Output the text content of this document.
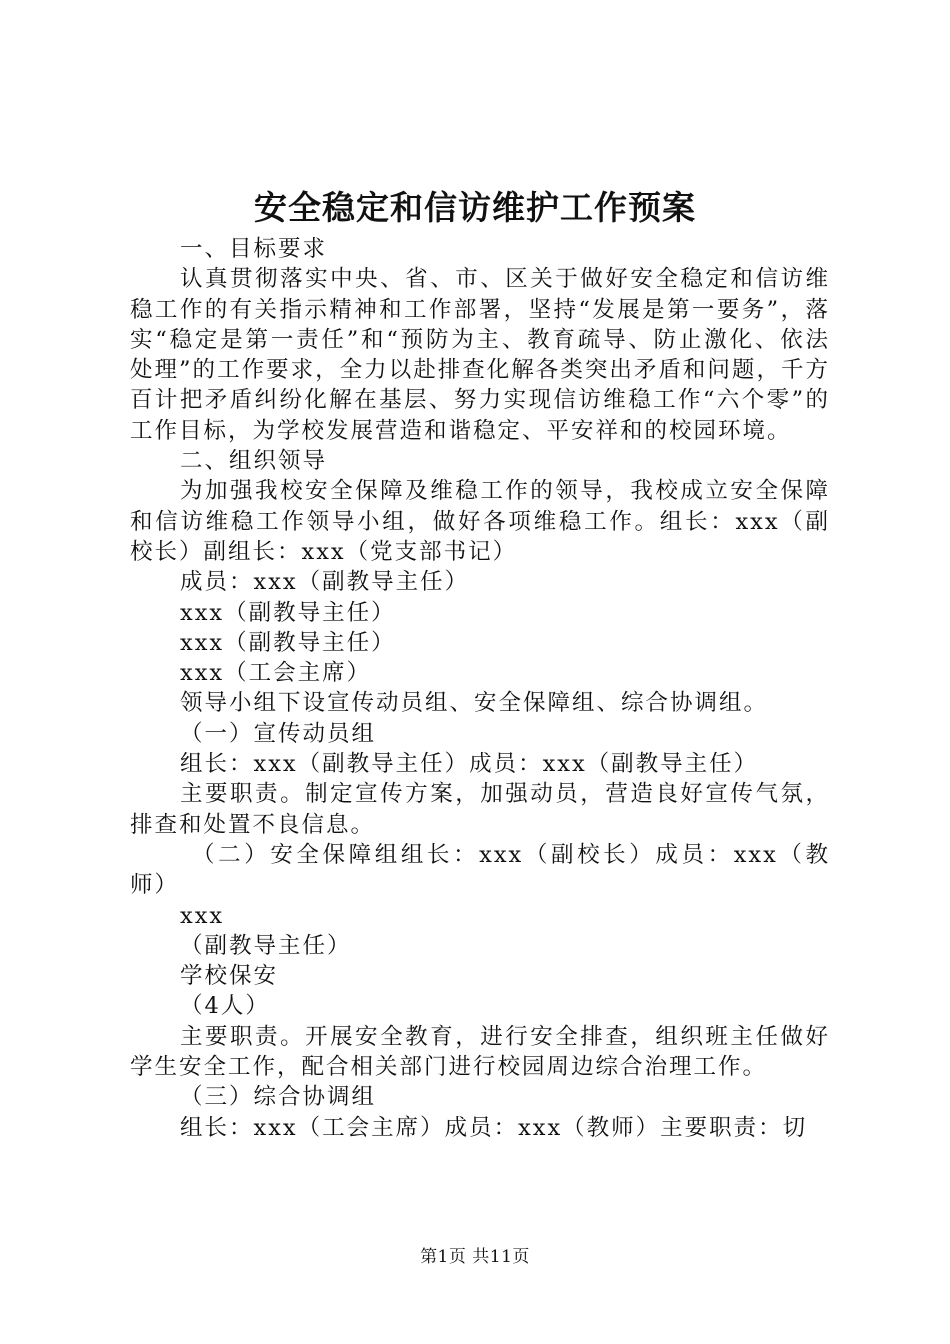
安全稳定和信访维护工作预案

一、目标要求

认真贯彻落实中央、省、市、区关于做好安全稳定和信访维稳工作的有关指示精神和工作部署，坚持“发展是第一要务”，落实“稳定是第一责任”和“预防为主、教育疏导、防止激化、依法处理”的工作要求，全力以赴排查化解各类突出矛盾和问题，千方百计把矛盾纠纷化解在基层、努力实现信访维稳工作“六个零”的工作目标，为学校发展营造和谐稳定、平安祥和的校园环境。

二、组织领导

为加强我校安全保障及维稳工作的领导，我校成立安全保障和信访维稳工作领导小组，做好各项维稳工作。组长：xxx（副校长）副组长：xxx（党支部书记）

成员：xxx（副教导主任）

xxx（副教导主任）

xxx（副教导主任）

xxx（工会主席）

领导小组下设宣传动员组、安全保障组、综合协调组。

（一）宣传动员组

组长：xxx（副教导主任）成员：xxx（副教导主任）

主要职责。制定宣传方案，加强动员，营造良好宣传气氛，排查和处置不良信息。

（二）安全保障组组长：xxx（副校长）成员：xxx（教师）

xxx

（副教导主任）

学校保安

（4人）

主要职责。开展安全教育，进行安全排查，组织班主任做好学生安全工作，配合相关部门进行校园周边综合治理工作。

（三）综合协调组

组长：xxx（工会主席）成员：xxx（教师）主要职责：切

第1页 共11页
